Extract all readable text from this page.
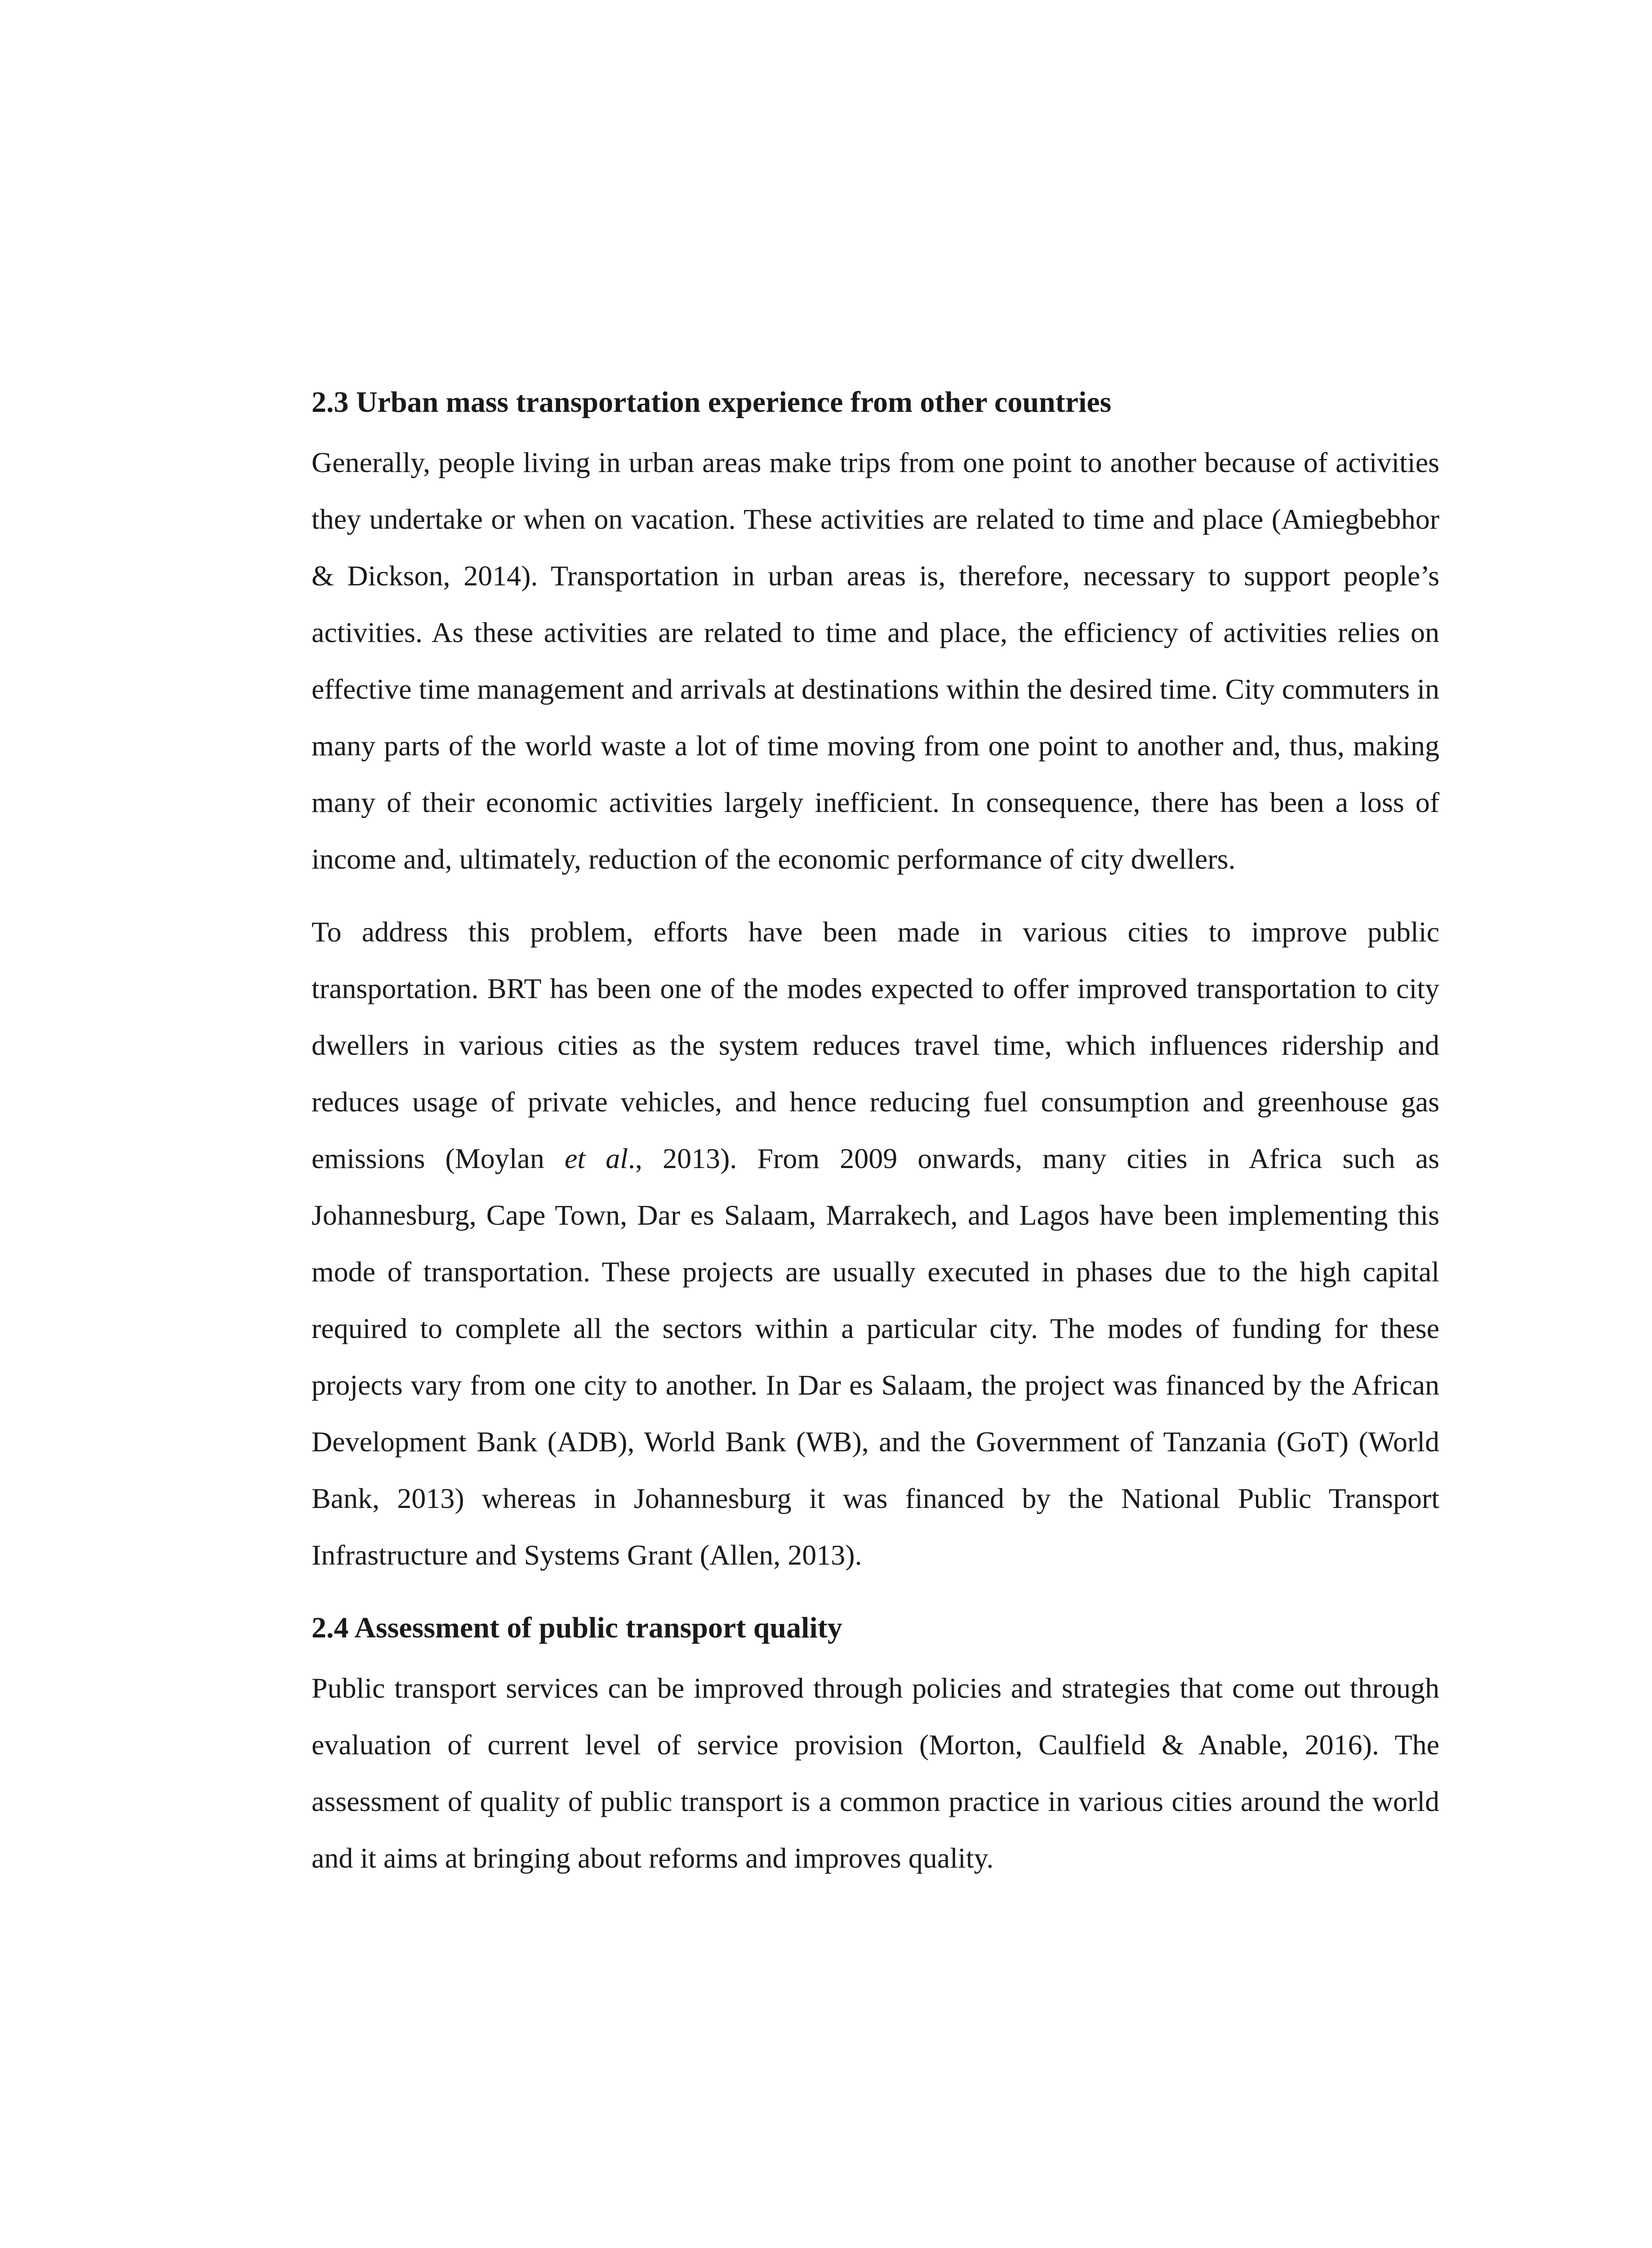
2.3 Urban mass transportation experience from other countries

Generally, people living in urban areas make trips from one point to another because of activities they undertake or when on vacation. These activities are related to time and place (Amiegbebhor & Dickson, 2014). Transportation in urban areas is, therefore, necessary to support people’s activities. As these activities are related to time and place, the efficiency of activities relies on effective time management and arrivals at destinations within the desired time. City commuters in many parts of the world waste a lot of time moving from one point to another and, thus, making many of their economic activities largely inefficient. In consequence, there has been a loss of income and, ultimately, reduction of the economic performance of city dwellers.

To address this problem, efforts have been made in various cities to improve public transportation. BRT has been one of the modes expected to offer improved transportation to city dwellers in various cities as the system reduces travel time, which influences ridership and reduces usage of private vehicles, and hence reducing fuel consumption and greenhouse gas emissions (Moylan et al., 2013). From 2009 onwards, many cities in Africa such as Johannesburg, Cape Town, Dar es Salaam, Marrakech, and Lagos have been implementing this mode of transportation. These projects are usually executed in phases due to the high capital required to complete all the sectors within a particular city. The modes of funding for these projects vary from one city to another. In Dar es Salaam, the project was financed by the African Development Bank (ADB), World Bank (WB), and the Government of Tanzania (GoT) (World Bank, 2013) whereas in Johannesburg it was financed by the National Public Transport Infrastructure and Systems Grant (Allen, 2013).

2.4 Assessment of public transport quality

Public transport services can be improved through policies and strategies that come out through evaluation of current level of service provision (Morton, Caulfield & Anable, 2016). The assessment of quality of public transport is a common practice in various cities around the world and it aims at bringing about reforms and improves quality.
